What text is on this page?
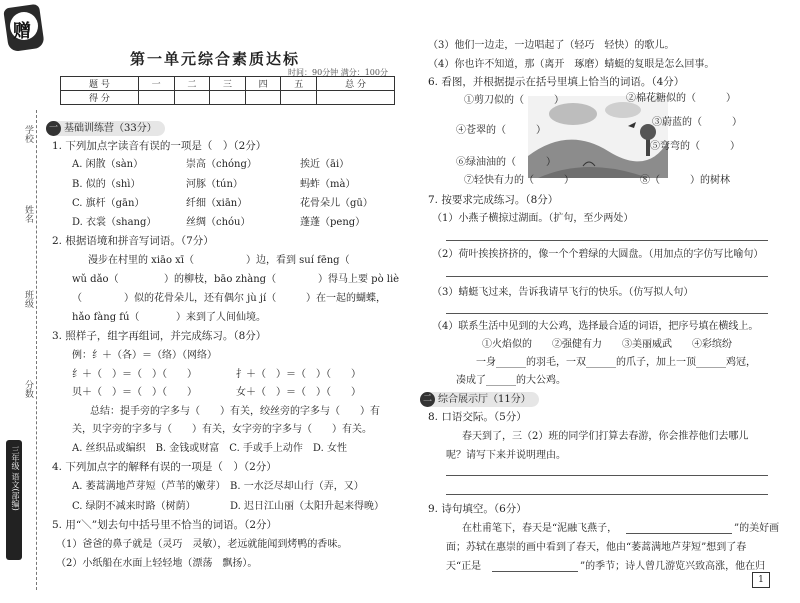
赠
学校
姓名
班级
分数
三年级 语文(部编)
第一单元综合素质达标
时间：90分钟 满分：100分
题 号	一	二	三	四	五	总 分
得 分						
一 基础训练营（33分）
1. 下列加点字读音有误的一项是（　）（2分）
A. 闲散（sàn）	崇高（chóng）	挨近（āi）
B. 似的（shì）	河豚（tún）	蚂蚱（mà）
C. 旗杆（gān）	纤细（xiān）	花骨朵儿（gū）
D. 衣裳（shang）	丝绸（chóu）	蓬蓬（peng）
2. 根据语境和拼音写词语。（7分）
漫步在村里的 xiāo xī（	）边，看到 suí fēng（
wǔ dǎo（	）的柳枝，bāo zhàng（	）得马上要 pò liè
（	）似的花骨朵儿，还有偶尔 jù jí（	）在一起的蝴蝶，
hǎo fàng fú（	）来到了人间仙境。
3. 照样子，组字再组词，并完成练习。（8分）
例：纟＋（各）＝（络）（网络）
纟＋（　）＝（　）（　　）	扌＋（　）＝（　）（　　）
贝＋（　）＝（　）（　　）	女＋（　）＝（　）（　　）
总结：提手旁的字多与（　　）有关，绞丝旁的字多与（　　）有
关，贝字旁的字多与（　　）有关，女字旁的字多与（　　）有关。
A. 丝织品或编织　B. 金钱或财富　C. 手或手上动作　D. 女性
4. 下列加点字的解释有误的一项是（　）（2分）
A. 萎蒿满地芦芽短（芦苇的嫩芽） B. 一水泛尽却山行（弄，又）
C. 绿阴不减来时路（树荫）	D. 迟日江山丽（太阳升起来得晚）
5. 用“＼”划去句中括号里不恰当的词语。（2分）
（1）爸爸的鼻子就是（灵巧　灵敏），老远就能闻到烤鸭的香味。
（2）小纸船在水面上轻轻地（漂荡　飘扬）。
（3）他们一边走，一边唱起了（轻巧　轻快）的歌儿。
（4）你也许不知道，那（离开　琢磨）蜻蜓的复眼是怎么回事。
6. 看图，并根据提示在括号里填上恰当的词语。（4分）
①剪刀似的（　　　）	②棉花糖似的（　　　）
③蔚蓝的（　　　）
④苍翠的（　　　）
⑤弯弯的（　　　）
⑥绿油油的（　　　）
⑦轻快有力的（　　　）	⑧（　　　）的树林
7. 按要求完成练习。（8分）
（1）小燕子横掠过湖面。（扩句，至少两处）
（2）荷叶挨挨挤挤的，像一个个碧绿的大圆盘。（用加点的字仿写比喻句）
（3）蜻蜓飞过来，告诉我请早飞行的快乐。（仿写拟人句）
（4）联系生活中见到的大公鸡，选择最合适的词语，把序号填在横线上。
①火焰似的　　②强健有力　　③美丽威武　　④彩缤纷
一身______的羽毛，一双______的爪子，加上一顶______鸡冠，
凑成了______的大公鸡。
二 综合展示厅（11分）
8. 口语交际。（5分）
春天到了，三（2）班的同学们打算去春游，你会推荐他们去哪儿
呢？请写下来并说明理由。
9. 诗句填空。（6分）
在杜甫笔下，春天是“泥融飞燕子，	”的美好画
面；苏轼在惠崇的画中看到了春天，他由“萎蒿满地芦芽短”想到了春
天“正是	”的季节；诗人曾几游览兴致高涨，他在归
1
